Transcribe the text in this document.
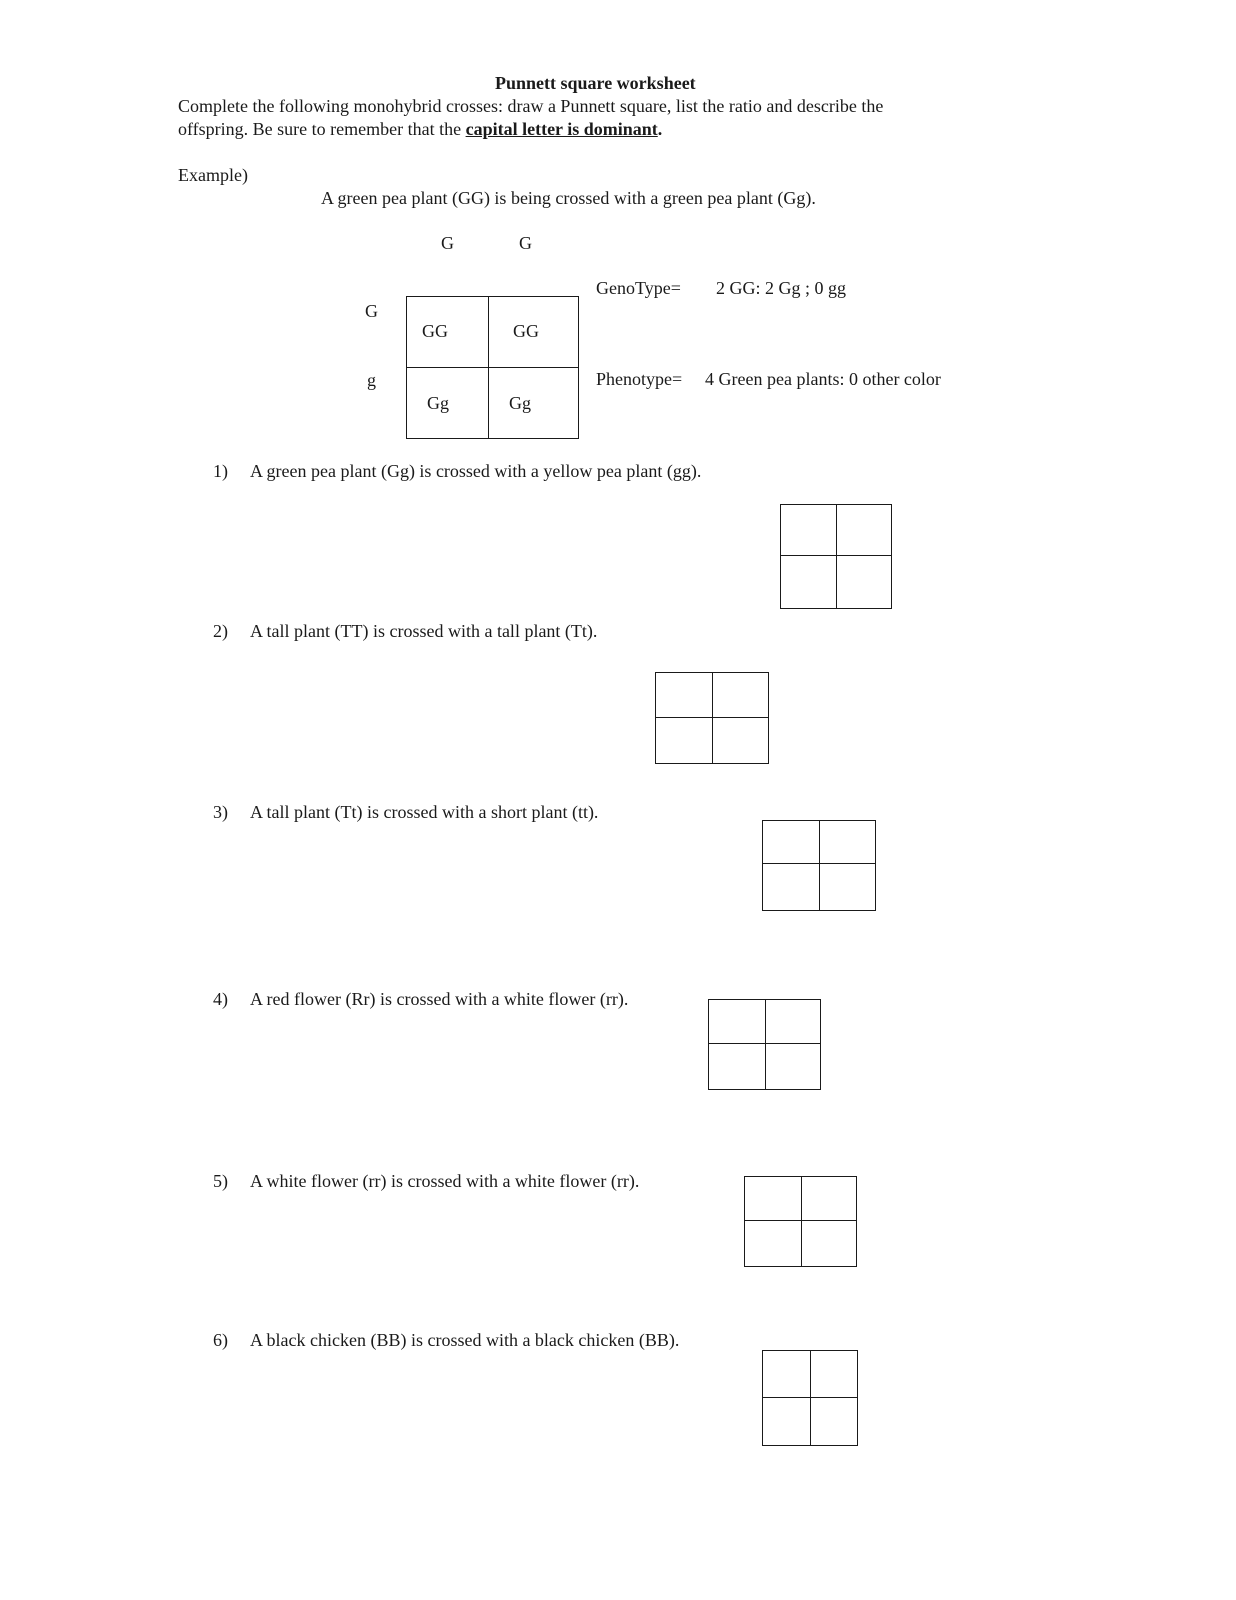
Punnett square worksheet
Complete the following monohybrid crosses: draw a Punnett square, list the ratio and describe the
offspring. Be sure to remember that the capital letter is dominant.
Example)
A green pea plant (GG) is being crossed with a green pea plant (Gg).
G	G
G
g
GG	GG
Gg	Gg
GenoType= 2 GG: 2 Gg ; 0 gg
Phenotype= 4 Green pea plants: 0 other color
1) A green pea plant (Gg) is crossed with a yellow pea plant (gg).
2) A tall plant (TT) is crossed with a tall plant (Tt).
3) A tall plant (Tt) is crossed with a short plant (tt).
4) A red flower (Rr) is crossed with a white flower (rr).
5) A white flower (rr) is crossed with a white flower (rr).
6) A black chicken (BB) is crossed with a black chicken (BB).
